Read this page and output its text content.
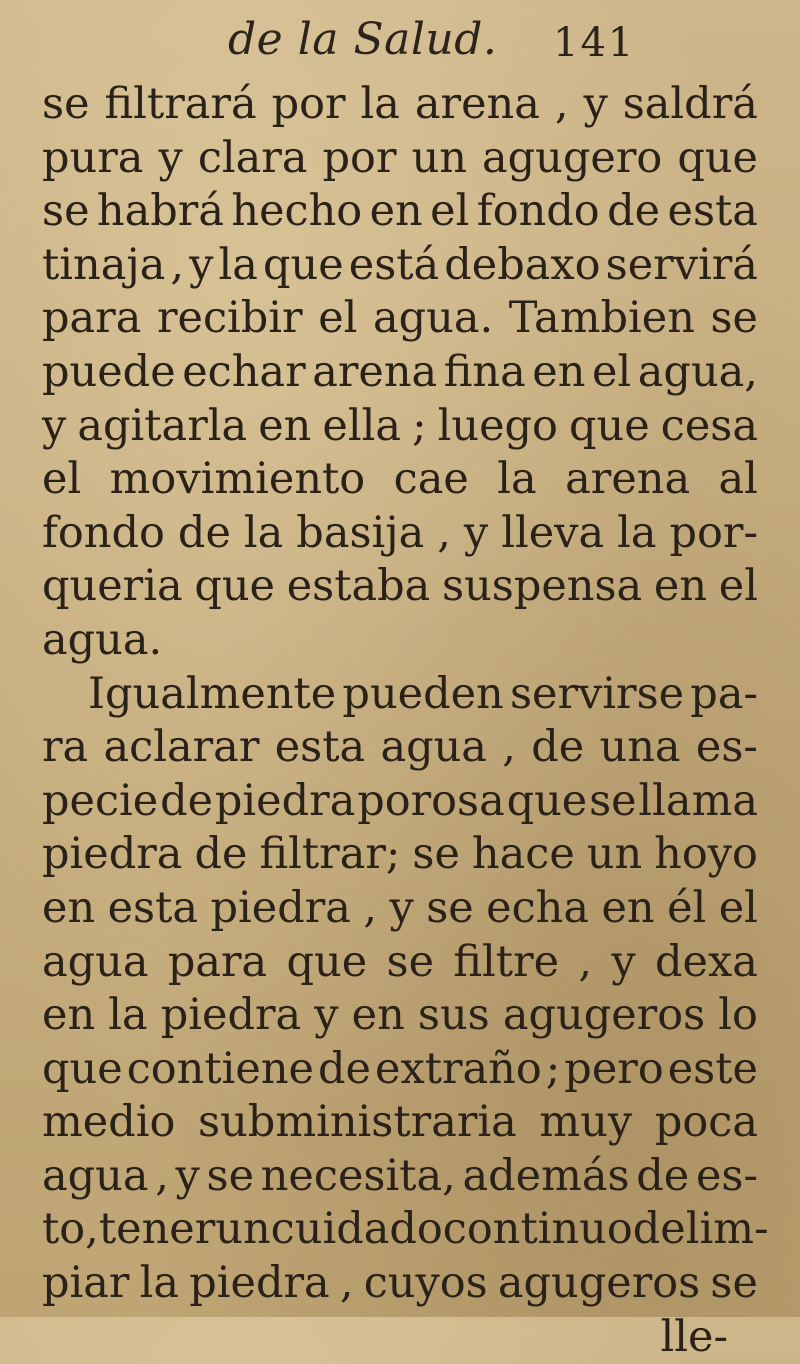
de la Salud. 141
se filtrará por la arena , y saldrá
pura y clara por un agugero que
se habrá hecho en el fondo de esta
tinaja , y la que está debaxo servirá
para recibir el agua. Tambien se
puede echar arena fina en el agua,
y agitarla en ella ; luego que cesa
el movimiento cae la arena al
fondo de la basija , y lleva la por-
queria que estaba suspensa en el
agua.
Igualmente pueden servirse pa-
ra aclarar esta agua , de una es-
pecie de piedra porosa que se llama
piedra de filtrar; se hace un hoyo
en esta piedra , y se echa en él el
agua para que se filtre , y dexa
en la piedra y en sus agugeros lo
que contiene de extraño ; pero este
medio subministraria muy poca
agua , y se necesita, además de es-
to , tener un cuidado continuo de lim-
piar la piedra , cuyos agugeros se
lle-
